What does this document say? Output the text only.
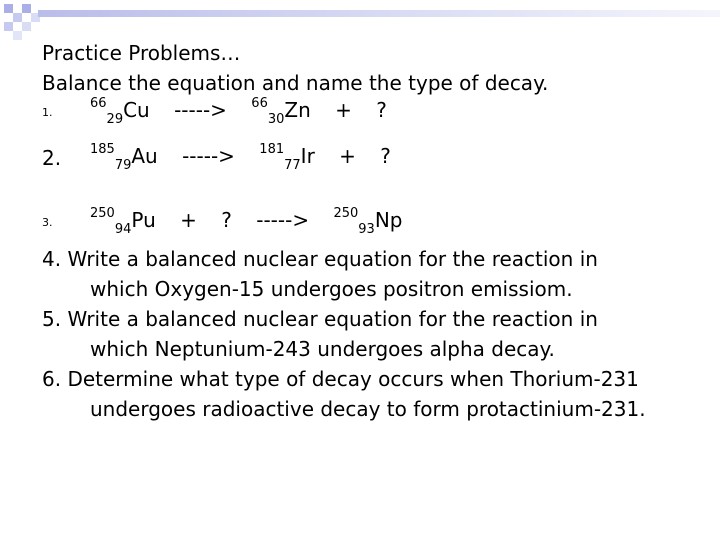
Practice Problems…
Balance the equation and name the type of decay.
1.
$^{66}_{29}$Cu -----> $^{66}_{30}$Zn + ?
2. $^{185}_{79}$Au -----> $^{181}_{77}$Ir + ?
3.
$^{250}_{94}$Pu + ? -----> $^{250}_{93}$Np
4. Write a balanced nuclear equation for the reaction in
which Oxygen-15 undergoes positron emissiom.
5. Write a balanced nuclear equation for the reaction in
which Neptunium-243 undergoes alpha decay.
6. Determine what type of decay occurs when Thorium-231
undergoes radioactive decay to form protactinium-231.
